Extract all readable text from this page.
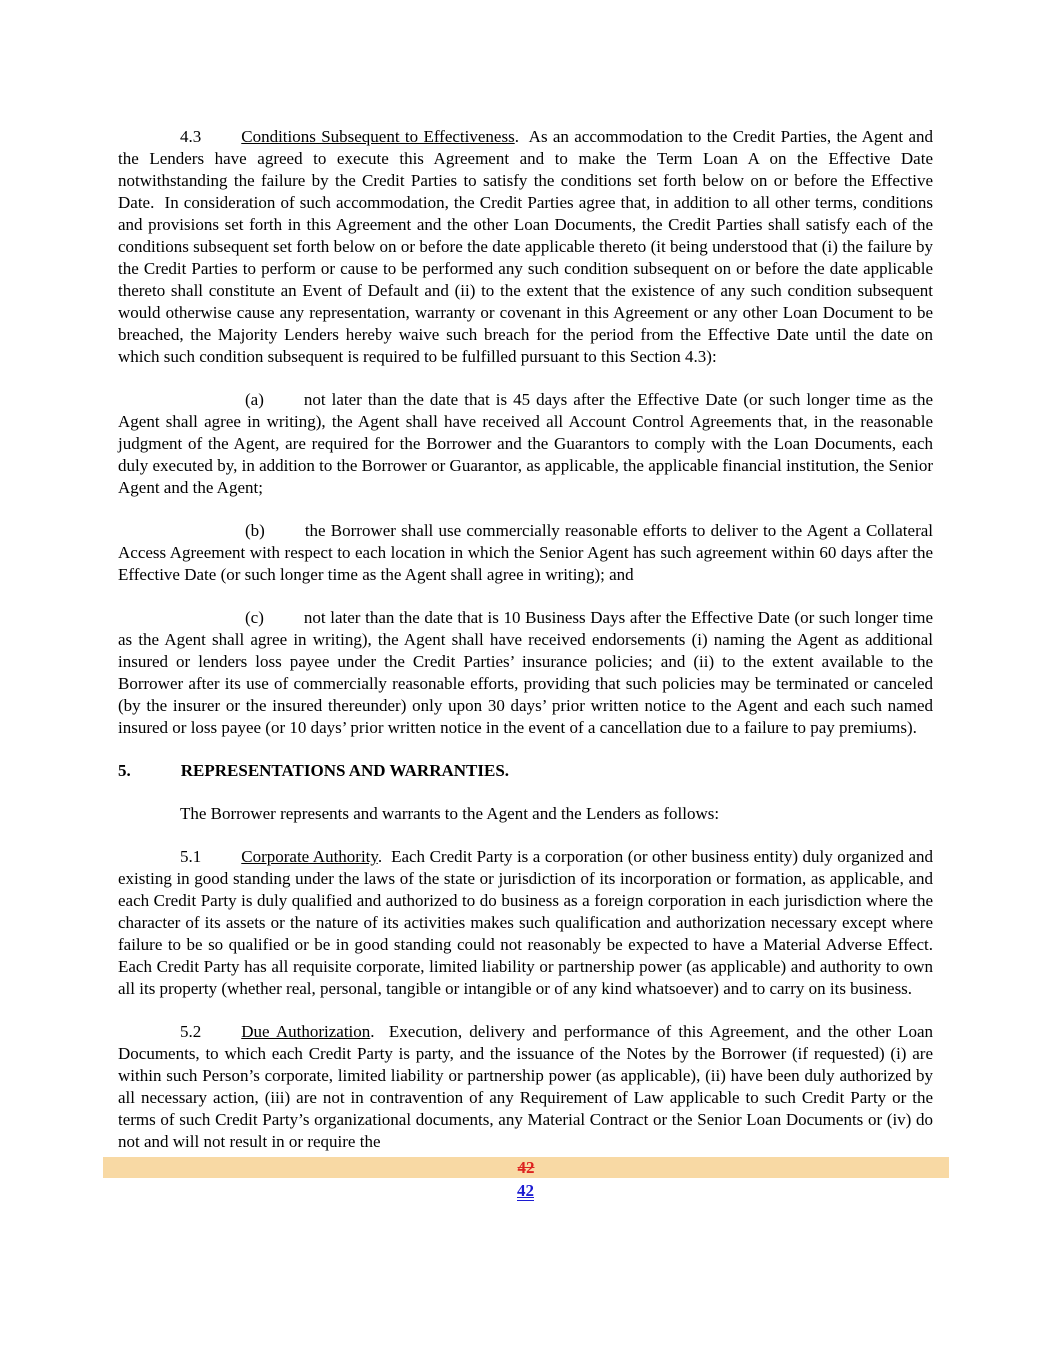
4.3 Conditions Subsequent to Effectiveness.  As an accommodation to the Credit Parties, the Agent and the Lenders have agreed to execute this Agreement and to make the Term Loan A on the Effective Date notwithstanding the failure by the Credit Parties to satisfy the conditions set forth below on or before the Effective Date.  In consideration of such accommodation, the Credit Parties agree that, in addition to all other terms, conditions and provisions set forth in this Agreement and the other Loan Documents, the Credit Parties shall satisfy each of the conditions subsequent set forth below on or before the date applicable thereto (it being understood that (i) the failure by the Credit Parties to perform or cause to be performed any such condition subsequent on or before the date applicable thereto shall constitute an Event of Default and (ii) to the extent that the existence of any such condition subsequent would otherwise cause any representation, warranty or covenant in this Agreement or any other Loan Document to be breached, the Majority Lenders hereby waive such breach for the period from the Effective Date until the date on which such condition subsequent is required to be fulfilled pursuant to this Section 4.3):

(a) not later than the date that is 45 days after the Effective Date (or such longer time as the Agent shall agree in writing), the Agent shall have received all Account Control Agreements that, in the reasonable judgment of the Agent, are required for the Borrower and the Guarantors to comply with the Loan Documents, each duly executed by, in addition to the Borrower or Guarantor, as applicable, the applicable financial institution, the Senior Agent and the Agent;

(b) the Borrower shall use commercially reasonable efforts to deliver to the Agent a Collateral Access Agreement with respect to each location in which the Senior Agent has such agreement within 60 days after the Effective Date (or such longer time as the Agent shall agree in writing); and

(c) not later than the date that is 10 Business Days after the Effective Date (or such longer time as the Agent shall agree in writing), the Agent shall have received endorsements (i) naming the Agent as additional insured or lenders loss payee under the Credit Parties’ insurance policies; and (ii) to the extent available to the Borrower after its use of commercially reasonable efforts, providing that such policies may be terminated or canceled (by the insurer or the insured thereunder) only upon 30 days’ prior written notice to the Agent and each such named insured or loss payee (or 10 days’ prior written notice in the event of a cancellation due to a failure to pay premiums).

5.	REPRESENTATIONS AND WARRANTIES.

The Borrower represents and warrants to the Agent and the Lenders as follows:

5.1 Corporate Authority.  Each Credit Party is a corporation (or other business entity) duly organized and existing in good standing under the laws of the state or jurisdiction of its incorporation or formation, as applicable, and each Credit Party is duly qualified and authorized to do business as a foreign corporation in each jurisdiction where the character of its assets or the nature of its activities makes such qualification and authorization necessary except where failure to be so qualified or be in good standing could not reasonably be expected to have a Material Adverse Effect. Each Credit Party has all requisite corporate, limited liability or partnership power (as applicable) and authority to own all its property (whether real, personal, tangible or intangible or of any kind whatsoever) and to carry on its business.

5.2 Due Authorization.  Execution, delivery and performance of this Agreement, and the other Loan Documents, to which each Credit Party is party, and the issuance of the Notes by the Borrower (if requested) (i) are within such Person’s corporate, limited liability or partnership power (as applicable), (ii) have been duly authorized by all necessary action, (iii) are not in contravention of any Requirement of Law applicable to such Credit Party or the terms of such Credit Party’s organizational documents, any Material Contract or the Senior Loan Documents or (iv) do not and will not result in or require the

42
42
